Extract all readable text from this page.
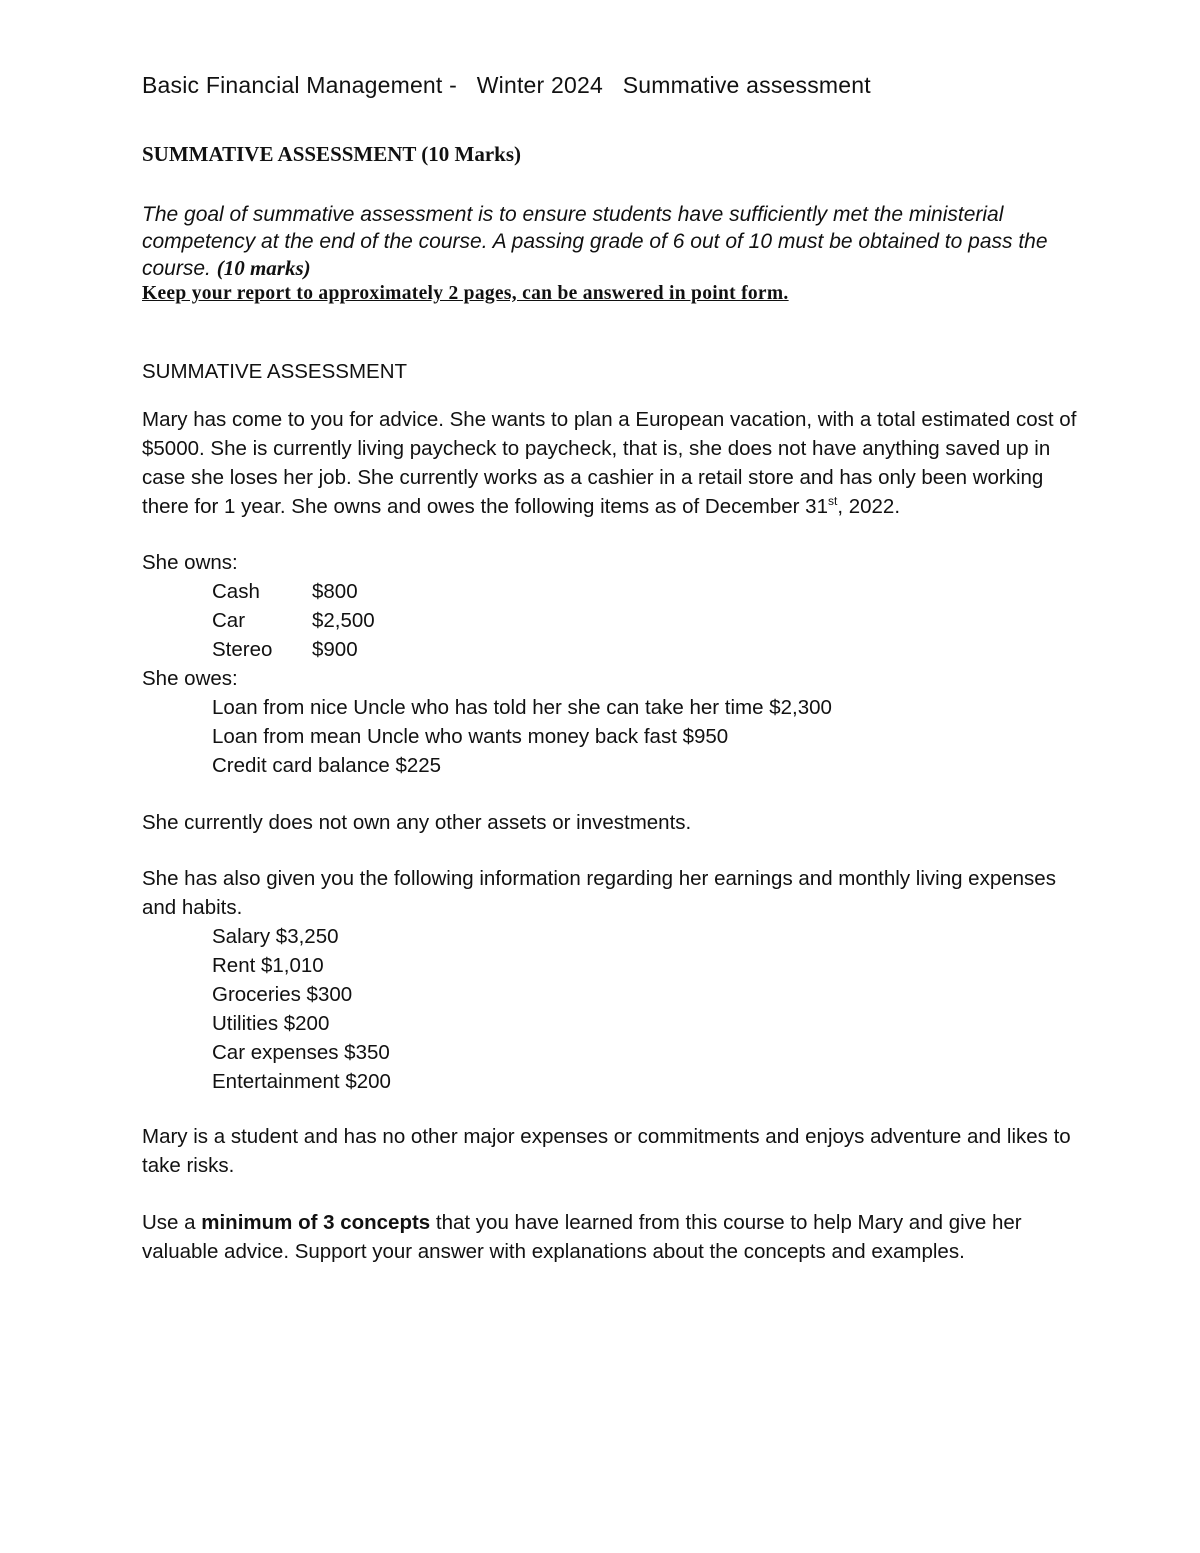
Basic Financial Management -   Winter 2024   Summative assessment
SUMMATIVE ASSESSMENT (10 Marks)
The goal of summative assessment is to ensure students have sufficiently met the ministerial competency at the end of the course. A passing grade of 6 out of 10 must be obtained to pass the course. (10 marks)
Keep your report to approximately 2 pages, can be answered in point form.
SUMMATIVE ASSESSMENT
Mary has come to you for advice. She wants to plan a European vacation, with a total estimated cost of $5000. She is currently living paycheck to paycheck, that is, she does not have anything saved up in case she loses her job. She currently works as a cashier in a retail store and has only been working there for 1 year. She owns and owes the following items as of December 31st, 2022.
She owns:
Cash	$800
Car	$2,500
Stereo $900
She owes:
Loan from nice Uncle who has told her she can take her time $2,300
Loan from mean Uncle who wants money back fast $950
Credit card balance $225
She currently does not own any other assets or investments.
She has also given you the following information regarding her earnings and monthly living expenses and habits.
Salary $3,250
Rent $1,010
Groceries $300
Utilities $200
Car expenses $350
Entertainment $200
Mary is a student and has no other major expenses or commitments and enjoys adventure and likes to take risks.
Use a minimum of 3 concepts that you have learned from this course to help Mary and give her valuable advice. Support your answer with explanations about the concepts and examples.
